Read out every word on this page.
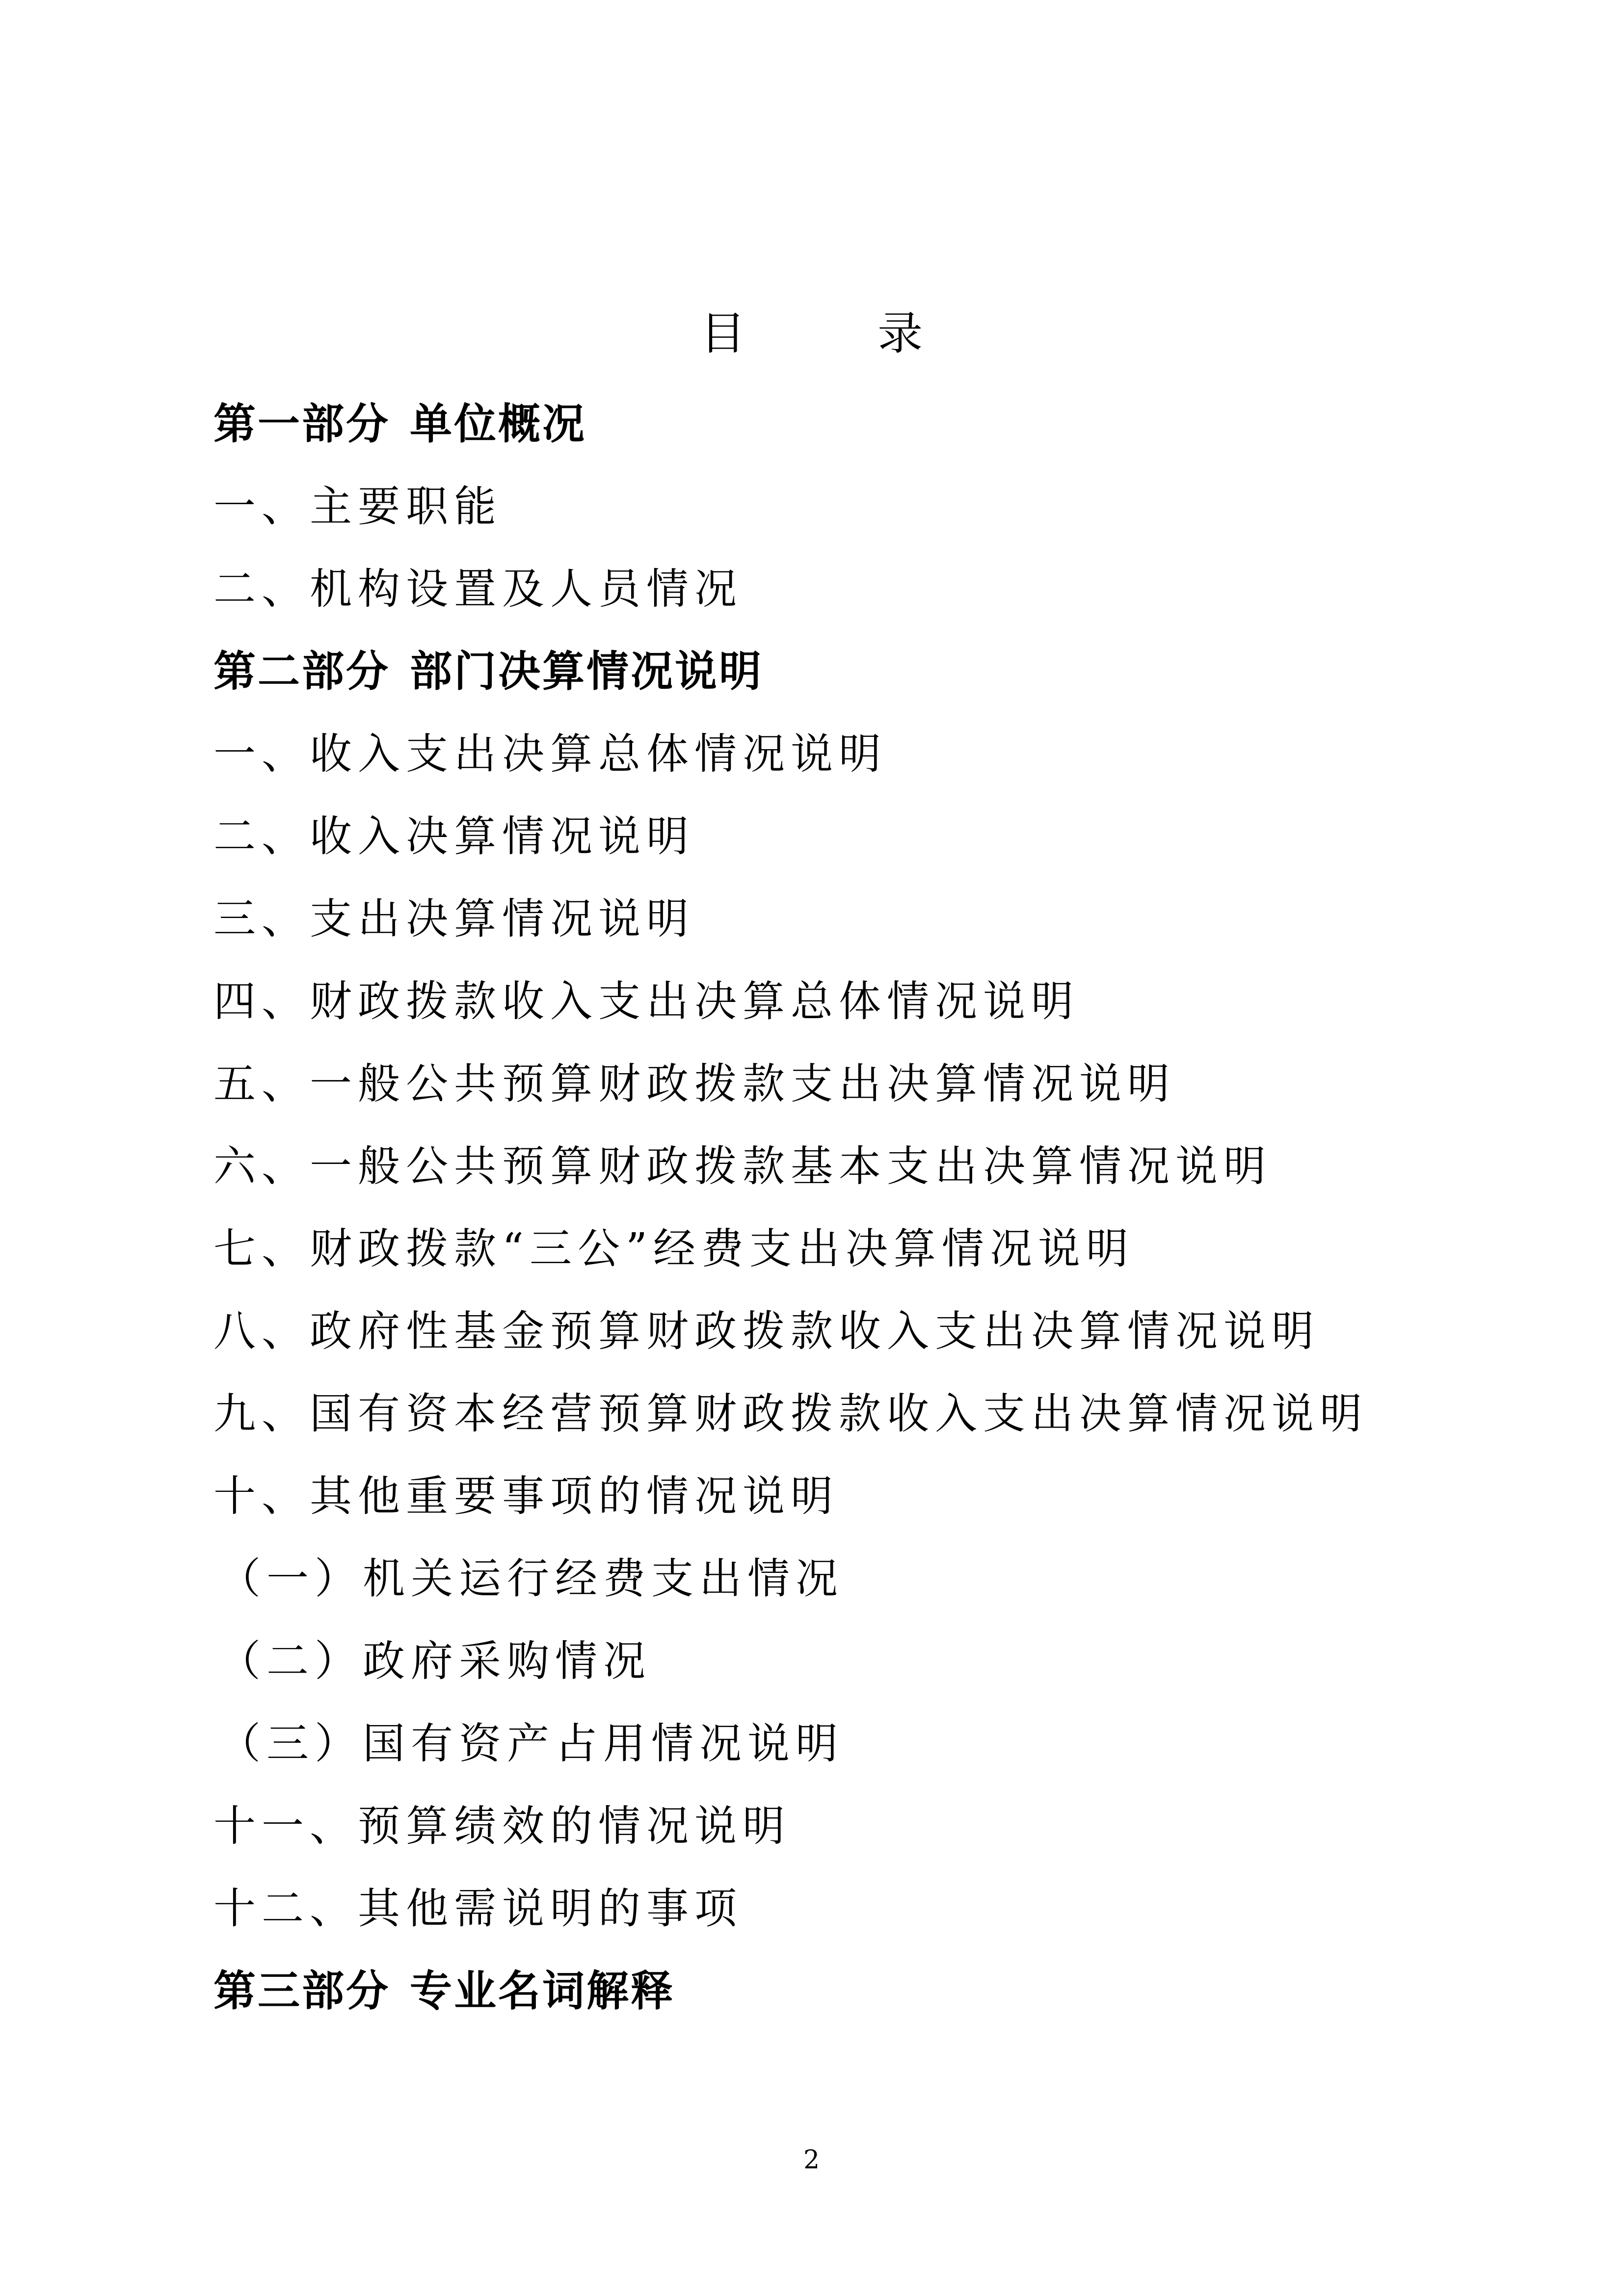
目 录
第一部分 单位概况
一、主要职能
二、机构设置及人员情况
第二部分 部门决算情况说明
一、收入支出决算总体情况说明
二、收入决算情况说明
三、支出决算情况说明
四、财政拨款收入支出决算总体情况说明
五、一般公共预算财政拨款支出决算情况说明
六、一般公共预算财政拨款基本支出决算情况说明
七、财政拨款“三公”经费支出决算情况说明
八、政府性基金预算财政拨款收入支出决算情况说明
九、国有资本经营预算财政拨款收入支出决算情况说明
十、其他重要事项的情况说明
（一）机关运行经费支出情况
（二）政府采购情况
（三）国有资产占用情况说明
十一、预算绩效的情况说明
十二、其他需说明的事项
第三部分 专业名词解释
2
